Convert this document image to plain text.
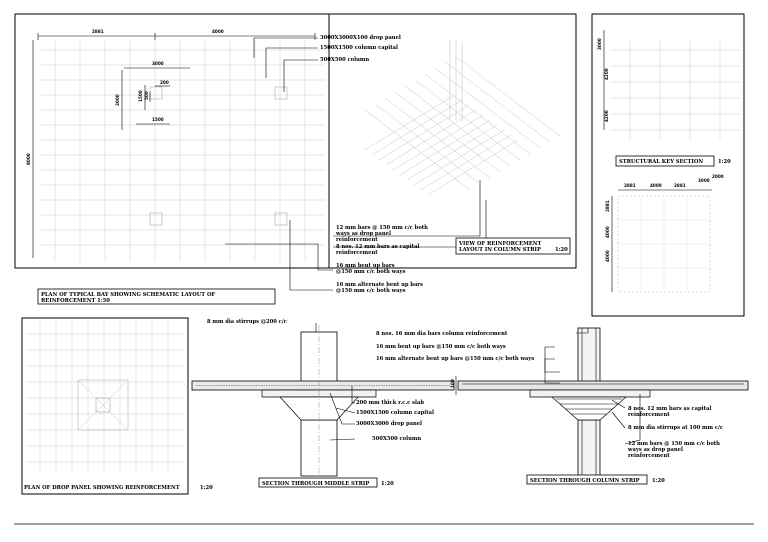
2881	4000
8000
3000
3000	1500
200
1500
500
3000X3000X100 drop panel
1500X1500 column capital
500X500 column
12 mm bars @ 150 mm c/c both
ways as drop panel
reinforcement
8 nos. 12 mm bars as capital
reinforcement
16 mm bent up bars
@150 mm c/c both ways
16 mm alternate bent up bars
@150 mm c/c both ways
PLAN OF TYPICAL BAY SHOWING SCHEMATIC LAYOUT OF
REINFORCEMENT 1:50
VIEW OF REINFORCEMENT
LAYOUT IN COLUMN STRIP	1:20
3000
4200
4200
STRUCTURAL KEY SECTION	1:20
2881	4000	2881
3000
2000
2881
4000
4000
PLAN OF DROP PANEL SHOWING REINFORCEMENT	1:20
8 mm dia stirrups @200 c/c
200 mm thick r.c.c slab
1500X1500 column capital
3000X3000 drop panel
500X500 column
SECTION THROUGH MIDDLE STRIP 1:20
100
8 nos. 16 mm dia bars column reinforcement
16 mm bent up bars @150 mm c/c both ways
16 mm alternate bent up bars @150 mm c/c both ways
8 nos. 12 mm bars as capital
reinforcement
8 mm dia stirrups at 100 mm c/c
12 mm bars @ 150 mm c/c both
ways as drop panel
reinforcement
SECTION THROUGH COLUMN STRIP 1:20
